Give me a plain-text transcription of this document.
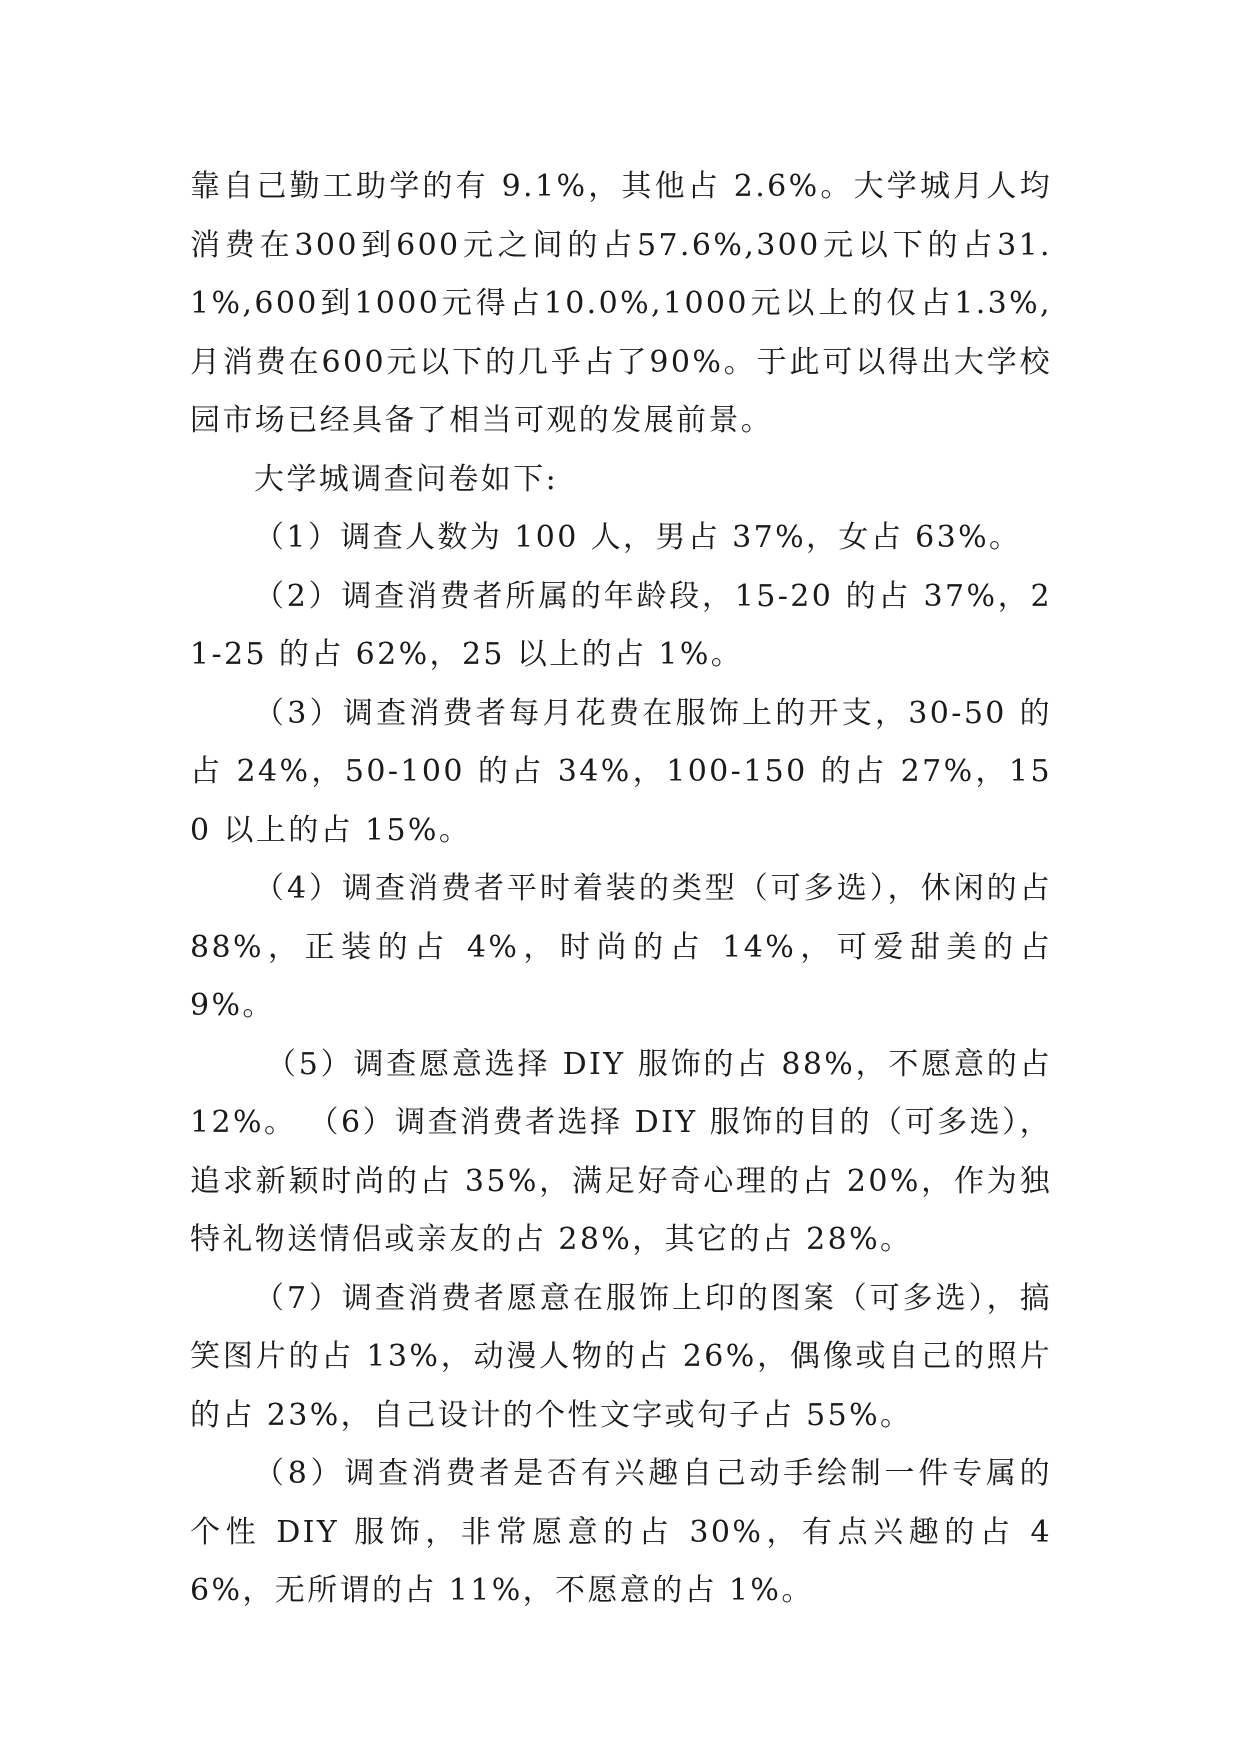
靠自己勤工助学的有 9.1%，其他占 2.6%。大学城月人均消费在300到600元之间的占57.6%,300元以下的占31.1%,600到1000元得占10.0%,1000元以上的仅占1.3%,月消费在600元以下的几乎占了90%。于此可以得出大学校园市场已经具备了相当可观的发展前景。

大学城调查问卷如下:

（1）调查人数为 100 人，男占 37%，女占 63%。

（2）调查消费者所属的年龄段，15-20 的占 37%，21-25 的占 62%，25 以上的占 1%。

（3）调查消费者每月花费在服饰上的开支，30-50 的占 24%，50-100 的占 34%，100-150 的占 27%，150 以上的占 15%。

（4）调查消费者平时着装的类型（可多选），休闲的占 88%，正装的占 4%，时尚的占 14%，可爱甜美的占 9%。

（5）调查愿意选择 DIY 服饰的占 88%，不愿意的占 12%。 （6）调查消费者选择 DIY 服饰的目的（可多选），追求新颖时尚的占 35%，满足好奇心理的占 20%，作为独特礼物送情侣或亲友的占 28%，其它的占 28%。

（7）调查消费者愿意在服饰上印的图案（可多选），搞笑图片的占 13%，动漫人物的占 26%，偶像或自己的照片的占 23%，自己设计的个性文字或句子占 55%。

（8）调查消费者是否有兴趣自己动手绘制一件专属的个性 DIY 服饰，非常愿意的占 30%，有点兴趣的占 46%，无所谓的占 11%，不愿意的占 1%。
